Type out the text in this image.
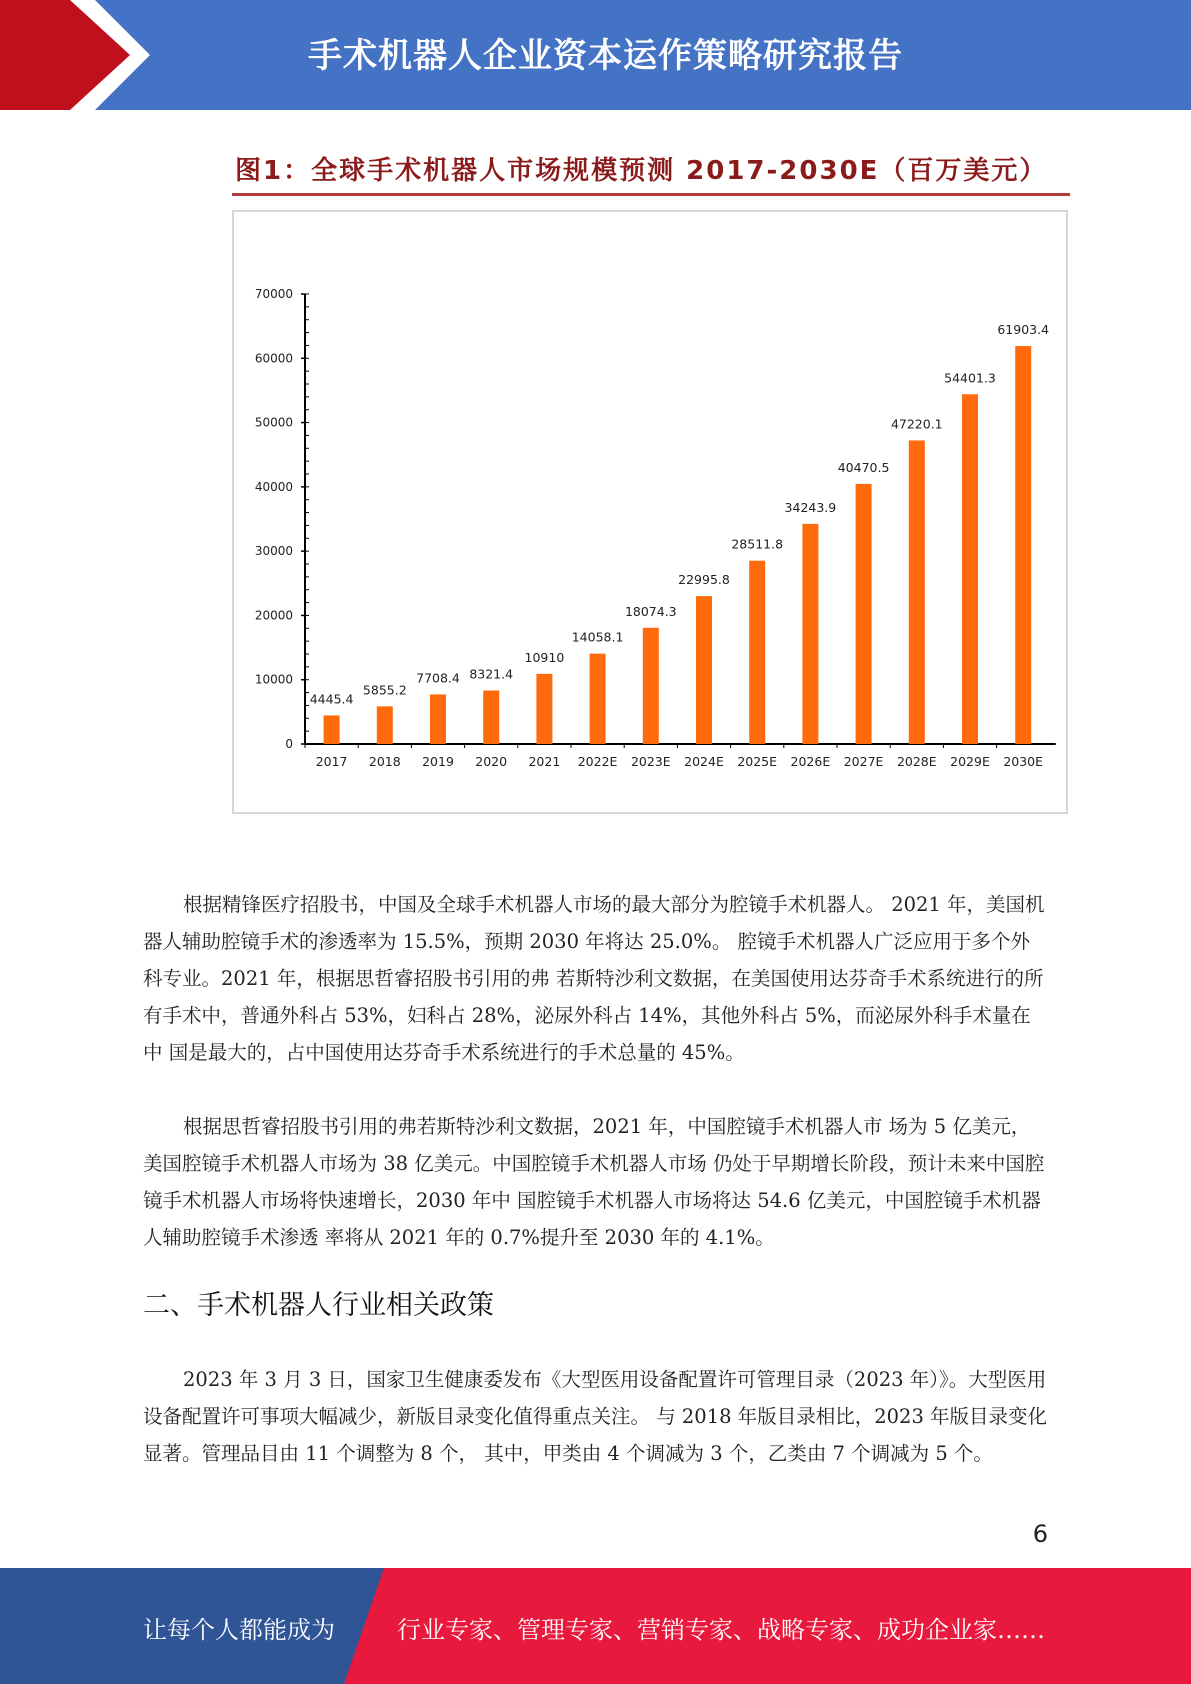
手术机器人企业资本运作策略研究报告
图1：全球手术机器人市场规模预测 2017-2030E（百万美元）
0
10000
20000
30000
40000
50000
60000
70000
4445.4
2017
5855.2
2018
7708.4
2019
8321.4
2020
10910
2021
14058.1
2022E
18074.3
2023E
22995.8
2024E
28511.8
2025E
34243.9
2026E
40470.5
2027E
47220.1
2028E
54401.3
2029E
61903.4
2030E

根据精锋医疗招股书，中国及全球手术机器人市场的最大部分为腔镜手术机器人。 2021 年，美国机器人辅助腔镜手术的渗透率为 15.5%，预期 2030 年将达 25.0%。 腔镜手术机器人广泛应用于多个外科专业。2021 年，根据思哲睿招股书引用的弗 若斯特沙利文数据，在美国使用达芬奇手术系统进行的所有手术中，普通外科占 53%，妇科占 28%，泌尿外科占 14%，其他外科占 5%，而泌尿外科手术量在中 国是最大的，占中国使用达芬奇手术系统进行的手术总量的 45%。

根据思哲睿招股书引用的弗若斯特沙利文数据，2021 年，中国腔镜手术机器人市 场为 5 亿美元，美国腔镜手术机器人市场为 38 亿美元。中国腔镜手术机器人市场 仍处于早期增长阶段，预计未来中国腔镜手术机器人市场将快速增长，2030 年中 国腔镜手术机器人市场将达 54.6 亿美元，中国腔镜手术机器人辅助腔镜手术渗透 率将从 2021 年的 0.7%提升至 2030 年的 4.1%。

二、手术机器人行业相关政策

2023 年 3 月 3 日，国家卫生健康委发布《大型医用设备配置许可管理目录（2023 年）》。大型医用设备配置许可事项大幅减少，新版目录变化值得重点关注。 与 2018 年版目录相比，2023 年版目录变化显著。管理品目由 11 个调整为 8 个， 其中，甲类由 4 个调减为 3 个，乙类由 7 个调减为 5 个。

6
让每个人都能成为	行业专家、管理专家、营销专家、战略专家、成功企业家……
